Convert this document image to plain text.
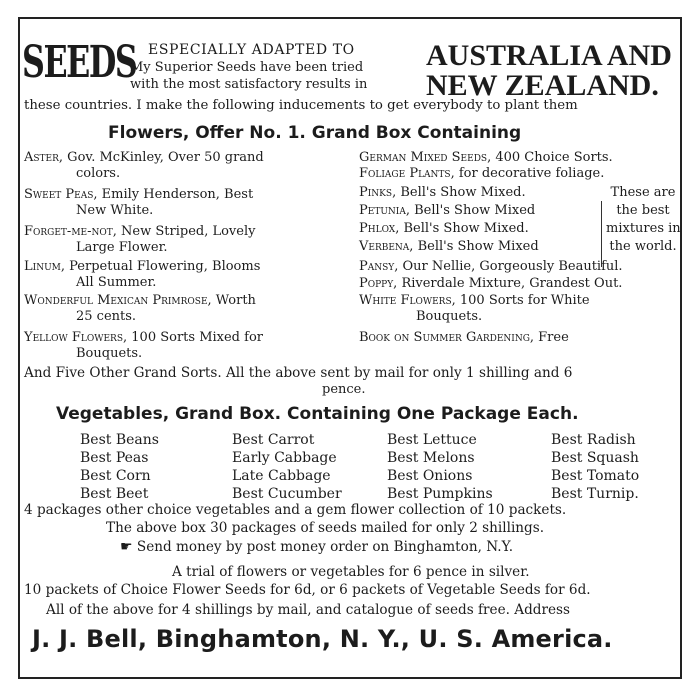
SEEDS ESPECIALLY ADAPTED TO
My Superior Seeds have been tried
with the most satisfactory results in
AUSTRALIA AND
NEW ZEALAND.
these countries. I make the following inducements to get everybody to plant them
Flowers, Offer No. 1. Grand Box Containing
Aster, Gov. McKinley, Over 50 grand
colors.
Sweet Peas, Emily Henderson, Best
New White.
Forget-me-not, New Striped, Lovely
Large Flower.
Linum, Perpetual Flowering, Blooms
All Summer.
Wonderful Mexican Primrose, Worth
25 cents.
Yellow Flowers, 100 Sorts Mixed for
Bouquets.
German Mixed Seeds, 400 Choice Sorts.
Foliage Plants, for decorative foliage.
Pinks, Bell's Show Mixed.
Petunia, Bell's Show Mixed
Phlox, Bell's Show Mixed.
Verbena, Bell's Show Mixed
These are
the best
mixtures in
the world.
Pansy, Our Nellie, Gorgeously Beautiful.
Poppy, Riverdale Mixture, Grandest Out.
White Flowers, 100 Sorts for White
Bouquets.
Book on Summer Gardening, Free
And Five Other Grand Sorts. All the above sent by mail for only 1 shilling and 6
pence.
Vegetables, Grand Box. Containing One Package Each.
Best Beans
Best Peas
Best Corn
Best Beet
Best Carrot
Early Cabbage
Late Cabbage
Best Cucumber
Best Lettuce
Best Melons
Best Onions
Best Pumpkins
Best Radish
Best Squash
Best Tomato
Best Turnip.
4 packages other choice vegetables and a gem flower collection of 10 packets.
The above box 30 packages of seeds mailed for only 2 shillings.
☛ Send money by post money order on Binghamton, N.Y.
A trial of flowers or vegetables for 6 pence in silver.
10 packets of Choice Flower Seeds for 6d, or 6 packets of Vegetable Seeds for 6d.
All of the above for 4 shillings by mail, and catalogue of seeds free. Address
J. J. Bell, Binghamton, N. Y., U. S. America.
